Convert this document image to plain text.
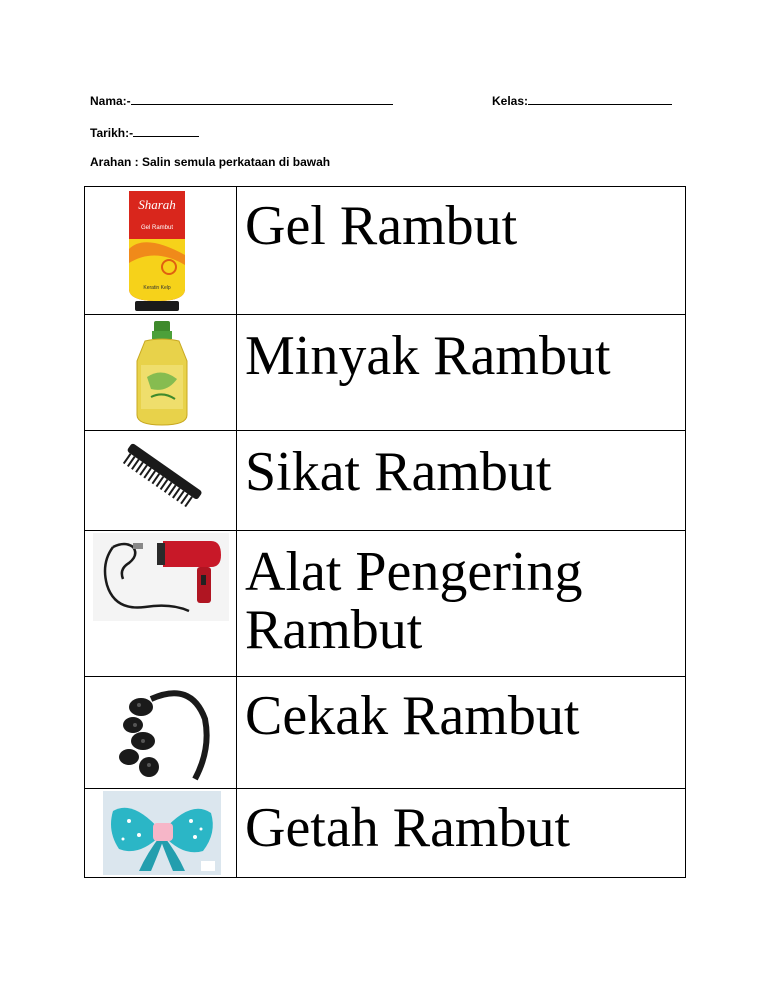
Nama:-	Kelas:
Tarikh:-
Arahan : Salin semula perkataan di bawah
Sharah
Gel Rambut
Keratin Kelp
Gel Rambut
Minyak Rambut
Sikat Rambut
Alat Pengering Rambut
Cekak Rambut
Getah Rambut
